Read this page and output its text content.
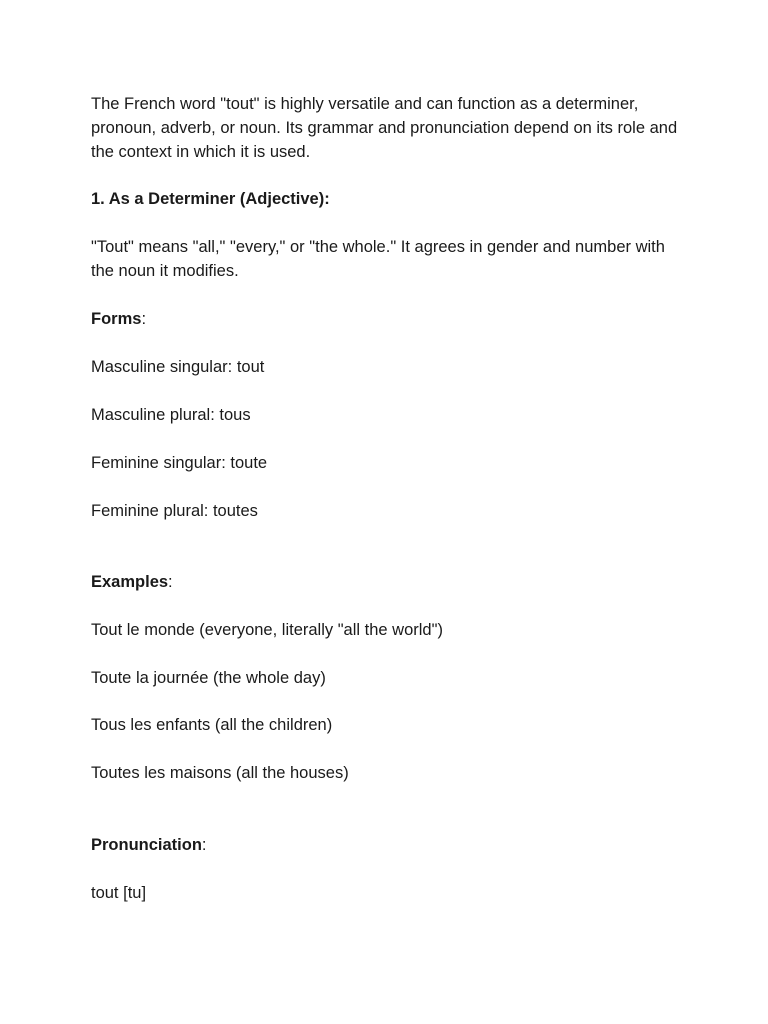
The French word "tout" is highly versatile and can function as a determiner, pronoun, adverb, or noun. Its grammar and pronunciation depend on its role and the context in which it is used.

1. As a Determiner (Adjective):

"Tout" means "all," "every," or "the whole." It agrees in gender and number with the noun it modifies.

Forms:

Masculine singular: tout

Masculine plural: tous

Feminine singular: toute

Feminine plural: toutes

Examples:

Tout le monde (everyone, literally "all the world")

Toute la journée (the whole day)

Tous les enfants (all the children)

Toutes les maisons (all the houses)

Pronunciation:

tout [tu]
